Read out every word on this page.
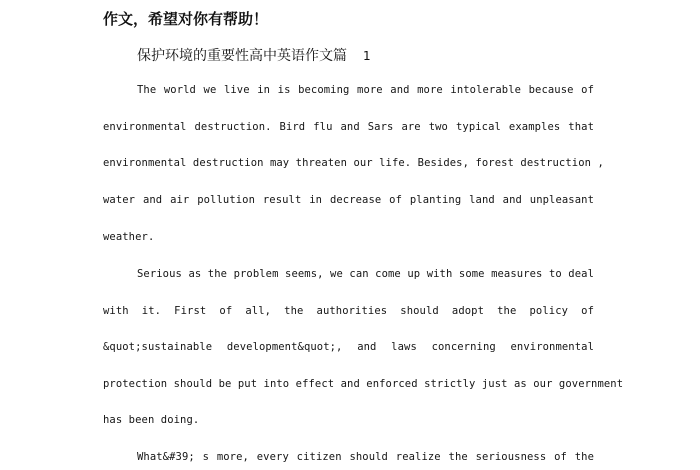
作文，希望对你有帮助！
保护环境的重要性高中英语作文篇 1
The world we live in is becoming more and more intolerable because of
environmental destruction. Bird flu and Sars are two typical examples that
environmental destruction may threaten our life. Besides, forest destruction ,
water and air pollution result in decrease of planting land and unpleasant
weather.
Serious as the problem seems, we can come up with some measures to deal
with it. First of all, the authorities should adopt the policy of
&quot;sustainable development&quot;, and laws concerning environmental
protection should be put into effect and enforced strictly just as our government
has been doing.
What&#39; s more, every citizen should realize the seriousness of the
